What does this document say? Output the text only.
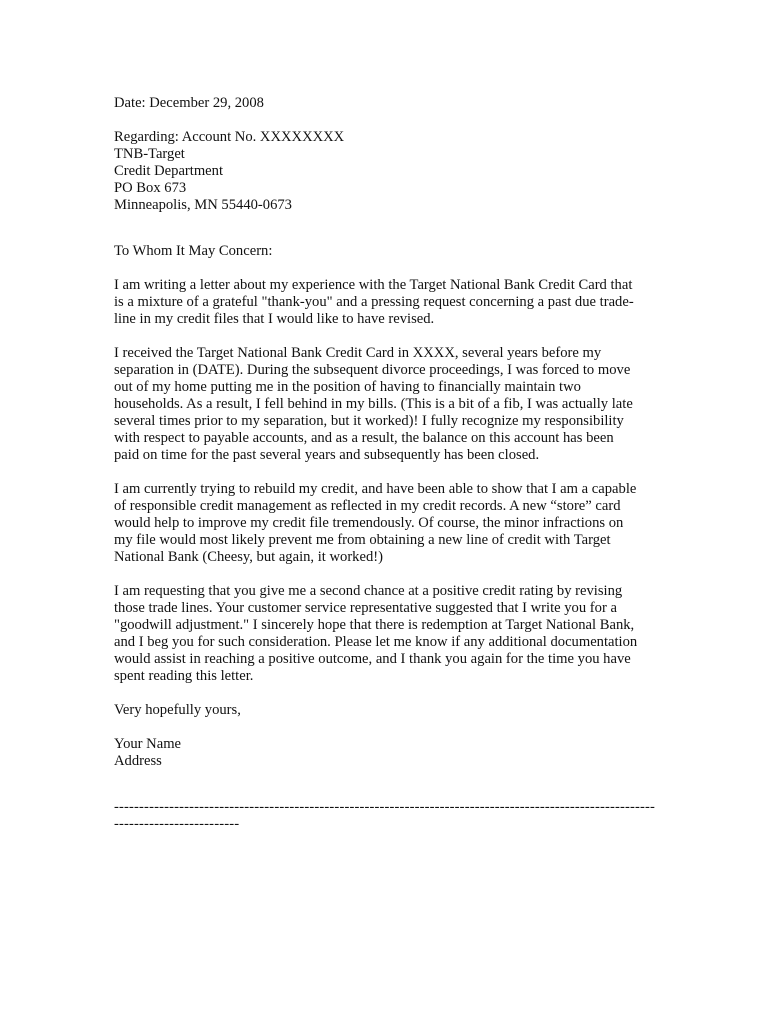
Date: December 29, 2008
Regarding: Account No. XXXXXXXX
TNB-Target
Credit Department
PO Box 673
Minneapolis, MN 55440-0673
To Whom It May Concern:
I am writing a letter about my experience with the Target National Bank Credit Card that
is a mixture of a grateful "thank-you" and a pressing request concerning a past due trade-
line in my credit files that I would like to have revised.
I received the Target National Bank Credit Card in XXXX, several years before my
separation in (DATE). During the subsequent divorce proceedings, I was forced to move
out of my home putting me in the position of having to financially maintain two
households. As a result, I fell behind in my bills. (This is a bit of a fib, I was actually late
several times prior to my separation, but it worked)! I fully recognize my responsibility
with respect to payable accounts, and as a result, the balance on this account has been
paid on time for the past several years and subsequently has been closed.
I am currently trying to rebuild my credit, and have been able to show that I am a capable
of responsible credit management as reflected in my credit records. A new “store” card
would help to improve my credit file tremendously. Of course, the minor infractions on
my file would most likely prevent me from obtaining a new line of credit with Target
National Bank (Cheesy, but again, it worked!)
I am requesting that you give me a second chance at a positive credit rating by revising
those trade lines. Your customer service representative suggested that I write you for a
"goodwill adjustment." I sincerely hope that there is redemption at Target National Bank,
and I beg you for such consideration. Please let me know if any additional documentation
would assist in reaching a positive outcome, and I thank you again for the time you have
spent reading this letter.
Very hopefully yours,
Your Name
Address
------------------------------------------------------------------------------------------------------------
-------------------------
